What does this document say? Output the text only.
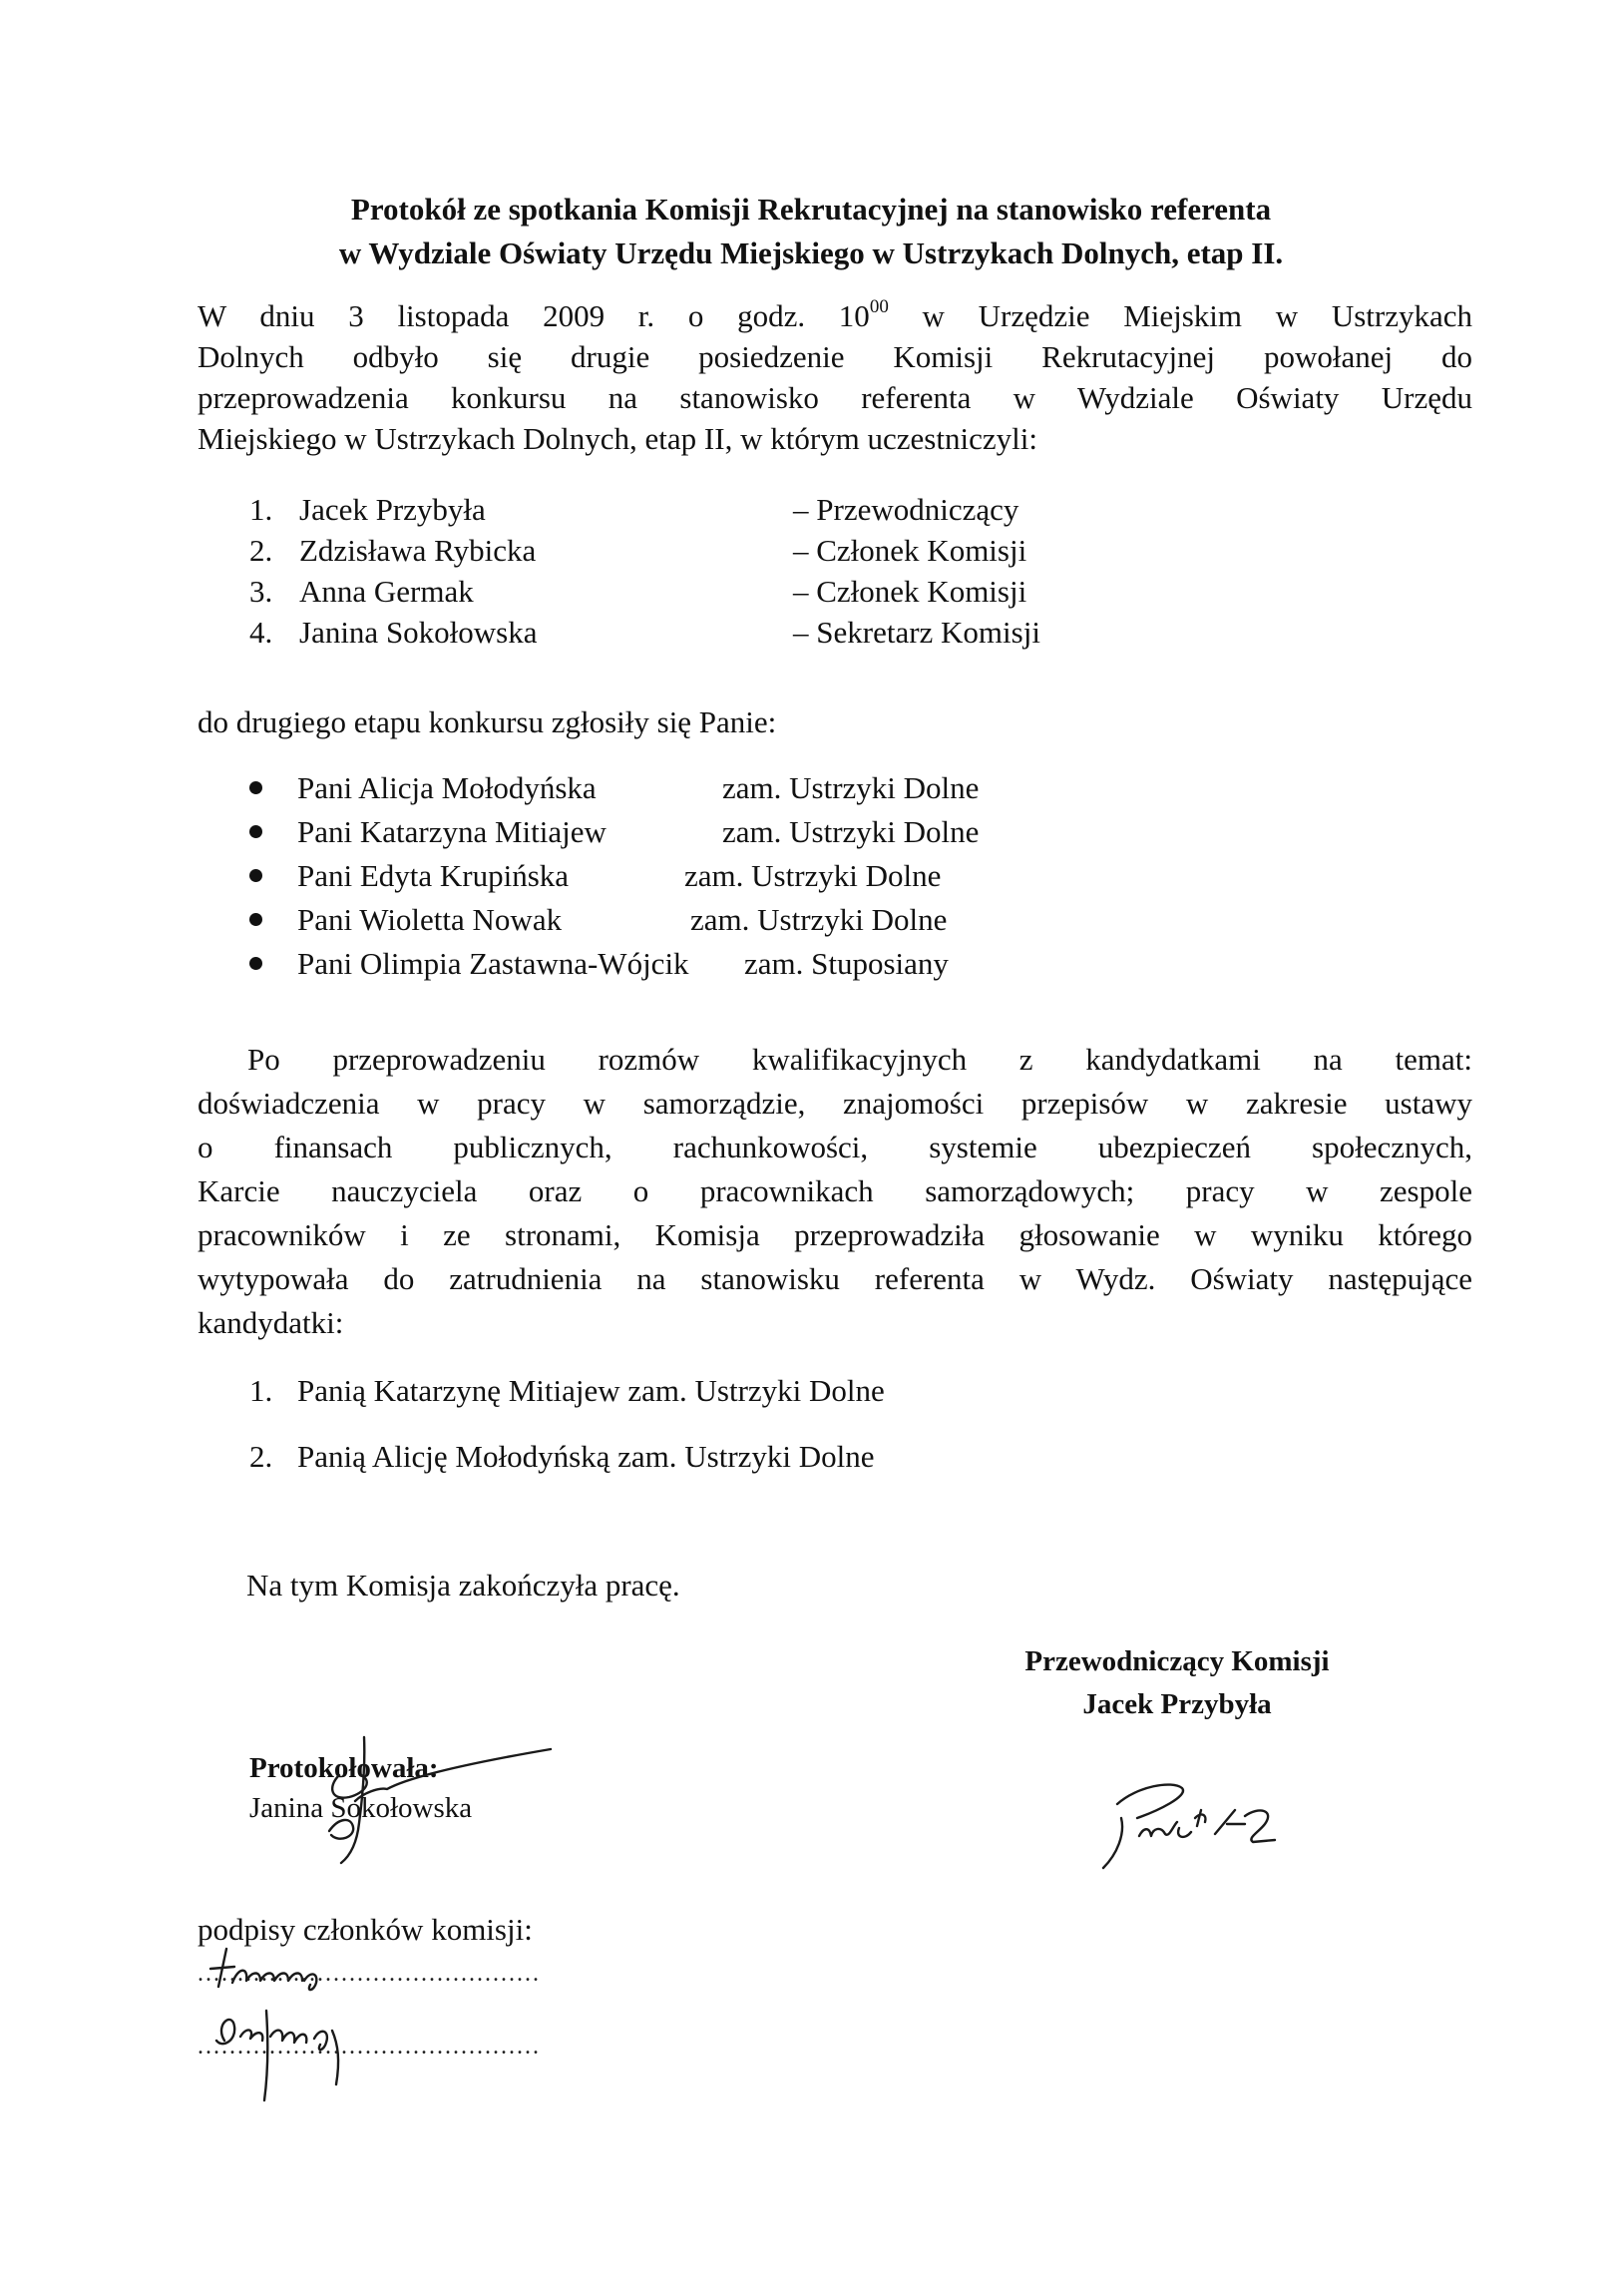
Protokół ze spotkania Komisji Rekrutacyjnej na stanowisko referenta
w Wydziale Oświaty Urzędu Miejskiego w Ustrzykach Dolnych, etap II.
W dniu 3 listopada 2009 r. o godz. $10^{00}$ w Urzędzie Miejskim w Ustrzykach
Dolnych odbyło się drugie posiedzenie Komisji Rekrutacyjnej powołanej do
przeprowadzenia konkursu na stanowisko referenta w Wydziale Oświaty Urzędu
Miejskiego w Ustrzykach Dolnych, etap II, w którym uczestniczyli:
1. Jacek Przybyła	– Przewodniczący
2. Zdzisława Rybicka	– Członek Komisji
3. Anna Germak	– Członek Komisji
4. Janina Sokołowska	– Sekretarz Komisji
do drugiego etapu konkursu zgłosiły się Panie:
Pani Alicja Mołodyńska	zam. Ustrzyki Dolne
Pani Katarzyna Mitiajew	zam. Ustrzyki Dolne
Pani Edyta Krupińska	zam. Ustrzyki Dolne
Pani Wioletta Nowak	zam. Ustrzyki Dolne
Pani Olimpia Zastawna-Wójcik zam. Stuposiany
Po przeprowadzeniu rozmów kwalifikacyjnych z kandydatkami na temat:
doświadczenia w pracy w samorządzie, znajomości przepisów w zakresie ustawy
o finansach publicznych, rachunkowości, systemie ubezpieczeń społecznych,
Karcie nauczyciela oraz o pracownikach samorządowych; pracy w zespole
pracowników i ze stronami, Komisja przeprowadziła głosowanie w wyniku którego
wytypowała do zatrudnienia na stanowisku referenta w Wydz. Oświaty następujące
kandydatki:
1. Panią Katarzynę Mitiajew zam. Ustrzyki Dolne
2. Panią Alicję Mołodyńską zam. Ustrzyki Dolne
Na tym Komisja zakończyła pracę.
Przewodniczący Komisji
Jacek Przybyła
Protokołowała:
Janina Sokołowska
podpisy członków komisji:
...........................................
...........................................
